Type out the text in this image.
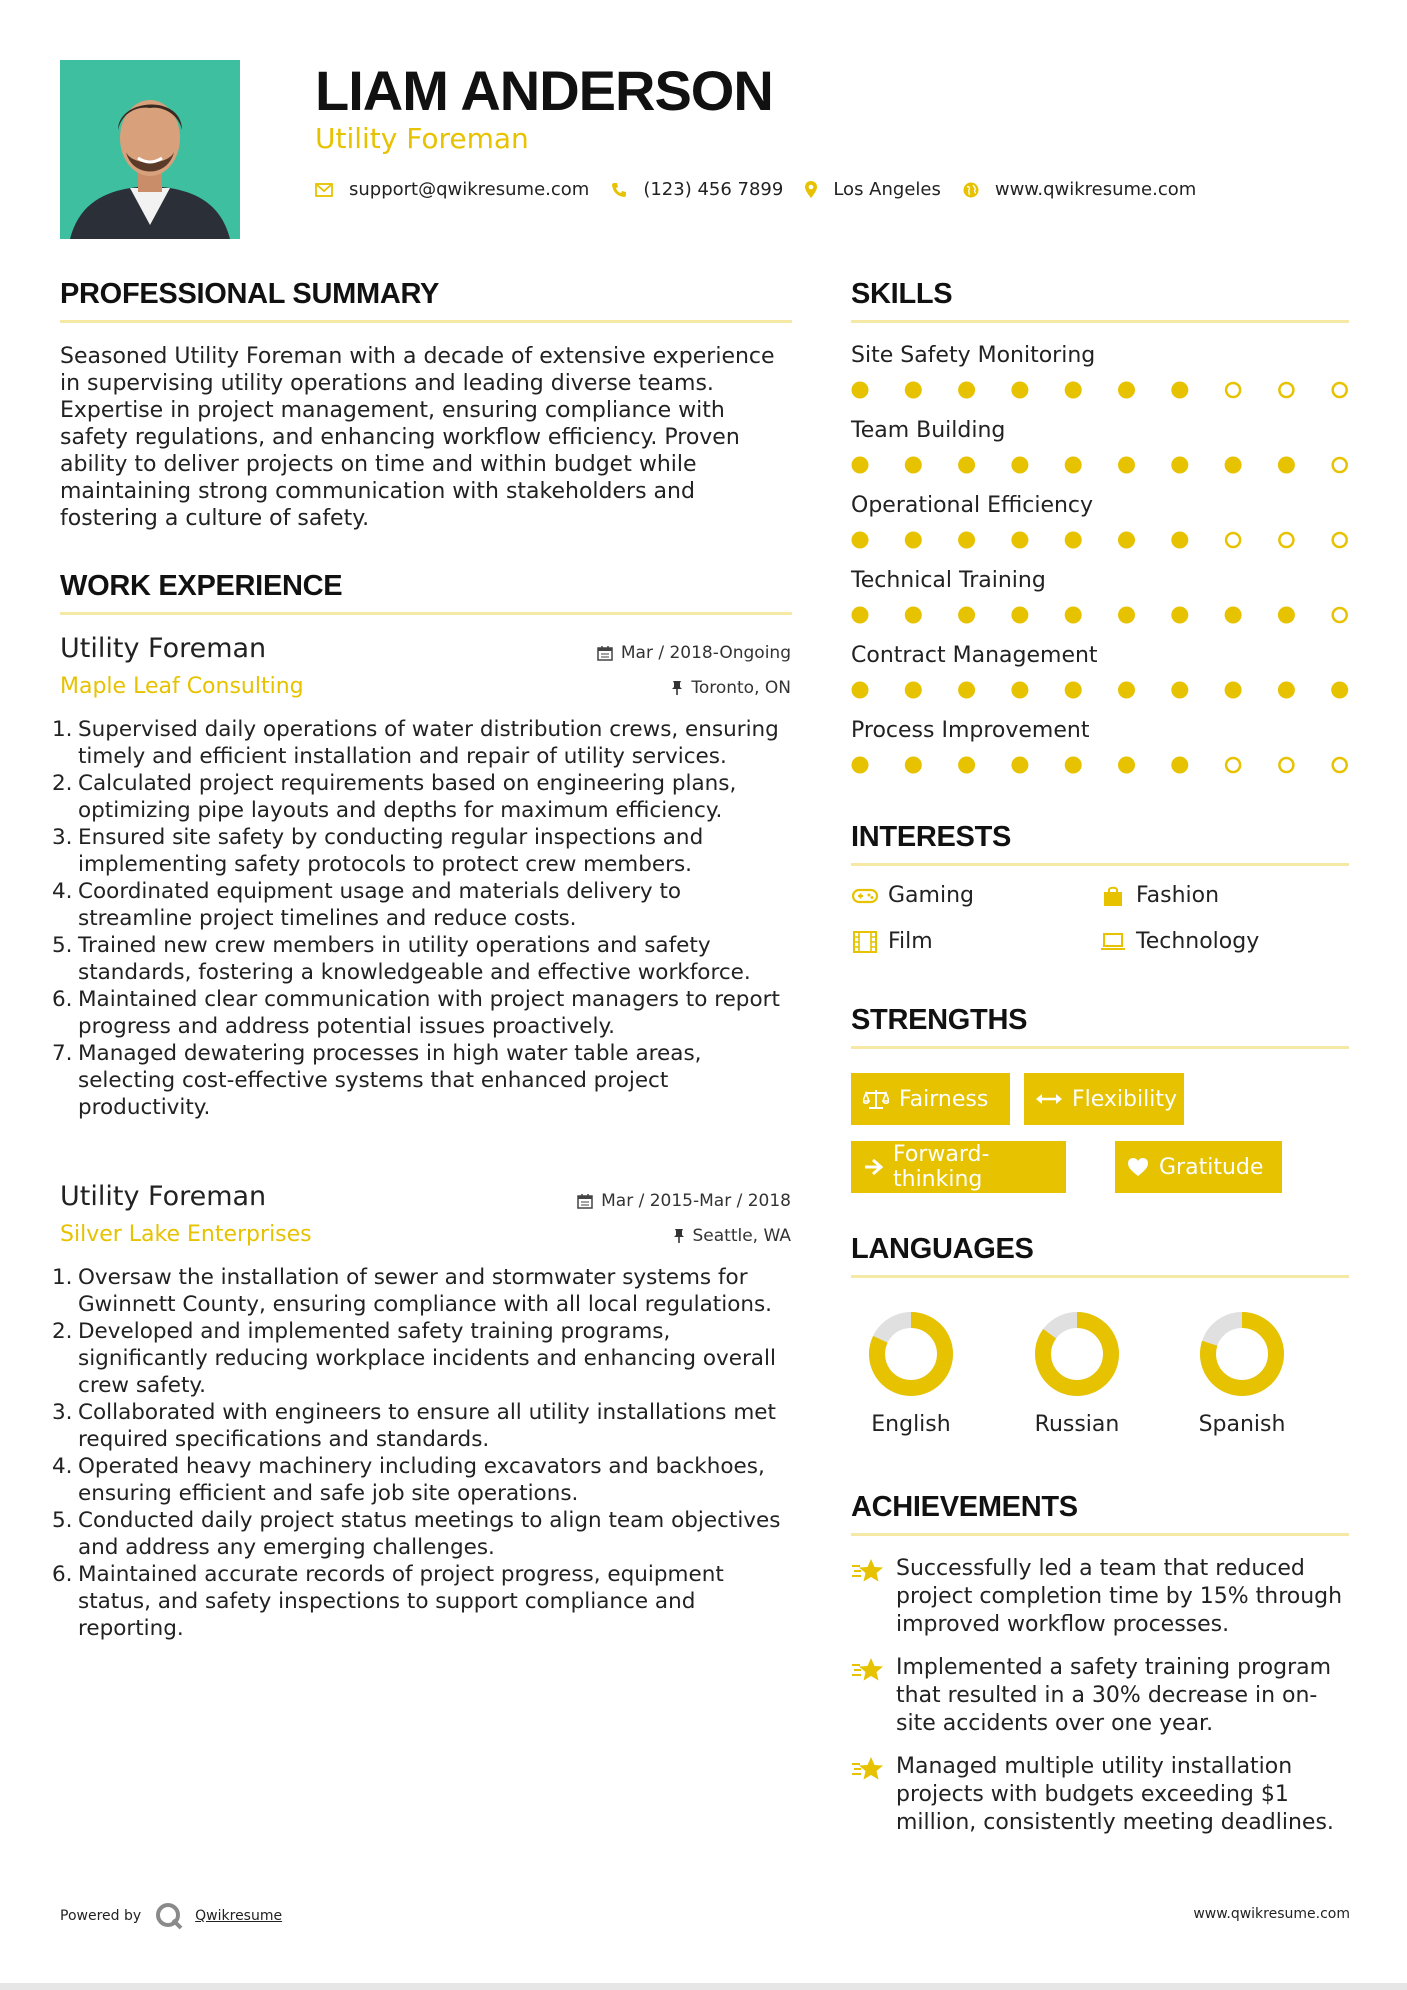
LIAM ANDERSON
Utility Foreman
support@qwikresume.com	(123) 456 7899	Los Angeles	www.qwikresume.com
PROFESSIONAL SUMMARY
Seasoned Utility Foreman with a decade of extensive experience in supervising utility operations and leading diverse teams. Expertise in project management, ensuring compliance with safety regulations, and enhancing workflow efficiency. Proven ability to deliver projects on time and within budget while maintaining strong communication with stakeholders and fostering a culture of safety.
WORK EXPERIENCE
Utility Foreman	Mar / 2018-Ongoing
Maple Leaf Consulting	Toronto, ON
1. Supervised daily operations of water distribution crews, ensuring timely and efficient installation and repair of utility services.
2. Calculated project requirements based on engineering plans, optimizing pipe layouts and depths for maximum efficiency.
3. Ensured site safety by conducting regular inspections and implementing safety protocols to protect crew members.
4. Coordinated equipment usage and materials delivery to streamline project timelines and reduce costs.
5. Trained new crew members in utility operations and safety standards, fostering a knowledgeable and effective workforce.
6. Maintained clear communication with project managers to report progress and address potential issues proactively.
7. Managed dewatering processes in high water table areas, selecting cost-effective systems that enhanced project productivity.
Utility Foreman	Mar / 2015-Mar / 2018
Silver Lake Enterprises	Seattle, WA
1. Oversaw the installation of sewer and stormwater systems for Gwinnett County, ensuring compliance with all local regulations.
2. Developed and implemented safety training programs, significantly reducing workplace incidents and enhancing overall crew safety.
3. Collaborated with engineers to ensure all utility installations met required specifications and standards.
4. Operated heavy machinery including excavators and backhoes, ensuring efficient and safe job site operations.
5. Conducted daily project status meetings to align team objectives and address any emerging challenges.
6. Maintained accurate records of project progress, equipment status, and safety inspections to support compliance and reporting.
SKILLS
Site Safety Monitoring
Team Building
Operational Efficiency
Technical Training
Contract Management
Process Improvement
INTERESTS
Gaming	Fashion
Film	Technology
STRENGTHS
Fairness	Flexibility
Forward-thinking	Gratitude
LANGUAGES
English	Russian	Spanish
ACHIEVEMENTS
Successfully led a team that reduced project completion time by 15% through improved workflow processes.
Implemented a safety training program that resulted in a 30% decrease in on-site accidents over one year.
Managed multiple utility installation projects with budgets exceeding $1 million, consistently meeting deadlines.
Powered by	Qwikresume	www.qwikresume.com
